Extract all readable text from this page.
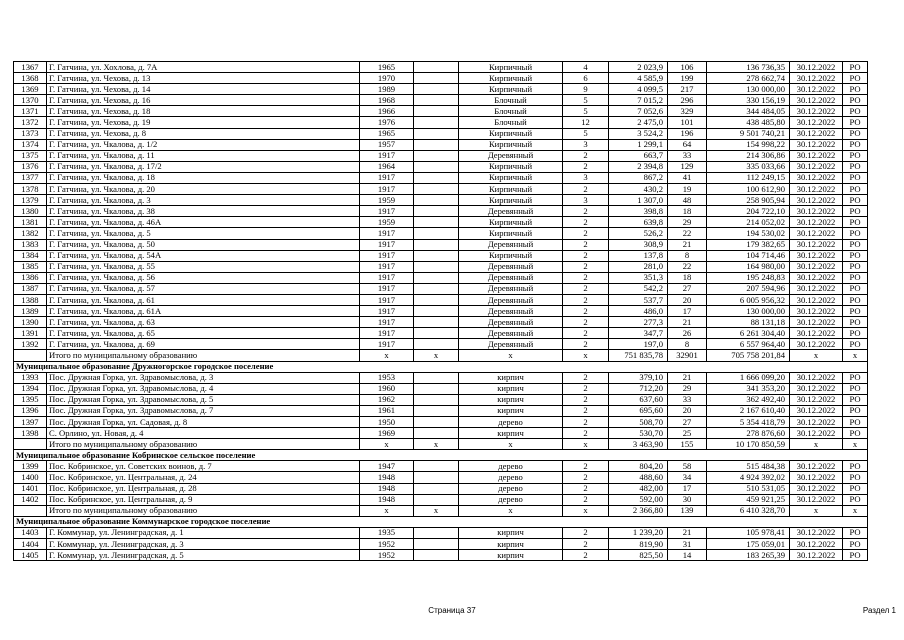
1367	Г. Гатчина, ул. Хохлова, д. 7А	1965		Кирпичный	4	2 023,9	106	136 736,35	30.12.2022	РО
1368	Г. Гатчина, ул. Чехова, д. 13	1970		Кирпичный	6	4 585,9	199	278 662,74	30.12.2022	РО
1369	Г. Гатчина, ул. Чехова, д. 14	1989		Кирпичный	9	4 099,5	217	130 000,00	30.12.2022	РО
1370	Г. Гатчина, ул. Чехова, д. 16	1968		Блочный	5	7 015,2	296	330 156,19	30.12.2022	РО
1371	Г. Гатчина, ул. Чехова, д. 18	1966		Блочный	5	7 052,6	329	344 484,05	30.12.2022	РО
1372	Г. Гатчина, ул. Чехова, д. 19	1976		Блочный	12	2 475,0	101	438 485,80	30.12.2022	РО
1373	Г. Гатчина, ул. Чехова, д. 8	1965		Кирпичный	5	3 524,2	196	9 501 740,21	30.12.2022	РО
1374	Г. Гатчина, ул. Чкалова, д. 1/2	1957		Кирпичный	3	1 299,1	64	154 998,22	30.12.2022	РО
1375	Г. Гатчина, ул. Чкалова, д. 11	1917		Деревянный	2	663,7	33	214 306,86	30.12.2022	РО
1376	Г. Гатчина, ул. Чкалова, д. 17/2	1964		Кирпичный	2	2 394,8	129	335 033,66	30.12.2022	РО
1377	Г. Гатчина, ул. Чкалова, д. 18	1917		Кирпичный	3	867,2	41	112 249,15	30.12.2022	РО
1378	Г. Гатчина, ул. Чкалова, д. 20	1917		Кирпичный	2	430,2	19	100 612,90	30.12.2022	РО
1379	Г. Гатчина, ул. Чкалова, д. 3	1959		Кирпичный	3	1 307,0	48	258 905,94	30.12.2022	РО
1380	Г. Гатчина, ул. Чкалова, д. 38	1917		Деревянный	2	398,8	18	204 722,10	30.12.2022	РО
1381	Г. Гатчина, ул. Чкалова, д. 46А	1959		Кирпичный	2	639,8	29	214 052,02	30.12.2022	РО
1382	Г. Гатчина, ул. Чкалова, д. 5	1917		Кирпичный	2	526,2	22	194 530,02	30.12.2022	РО
1383	Г. Гатчина, ул. Чкалова, д. 50	1917		Деревянный	2	308,9	21	179 382,65	30.12.2022	РО
1384	Г. Гатчина, ул. Чкалова, д. 54А	1917		Кирпичный	2	137,8	8	104 714,46	30.12.2022	РО
1385	Г. Гатчина, ул. Чкалова, д. 55	1917		Деревянный	2	281,0	22	164 980,00	30.12.2022	РО
1386	Г. Гатчина, ул. Чкалова, д. 56	1917		Деревянный	2	351,3	18	195 248,83	30.12.2022	РО
1387	Г. Гатчина, ул. Чкалова, д. 57	1917		Деревянный	2	542,2	27	207 594,96	30.12.2022	РО
1388	Г. Гатчина, ул. Чкалова, д. 61	1917		Деревянный	2	537,7	20	6 005 956,32	30.12.2022	РО
1389	Г. Гатчина, ул. Чкалова, д. 61А	1917		Деревянный	2	486,0	17	130 000,00	30.12.2022	РО
1390	Г. Гатчина, ул. Чкалова, д. 63	1917		Деревянный	2	277,3	21	88 131,18	30.12.2022	РО
1391	Г. Гатчина, ул. Чкалова, д. 65	1917		Деревянный	2	347,7	26	6 261 304,40	30.12.2022	РО
1392	Г. Гатчина, ул. Чкалова, д. 69	1917		Деревянный	2	197,0	8	6 557 964,40	30.12.2022	РО
	Итого по муниципальному образованию	x	x	x	x	751 835,78	32901	705 758 201,84	x	x
Муниципальное образование Дружногорское городское поселение										
1393	Пос. Дружная Горка, ул. Здравомыслова, д. 3	1953		кирпич	2	379,10	21	1 666 099,20	30.12.2022	РО
1394	Пос. Дружная Горка, ул. Здравомыслова, д. 4	1960		кирпич	2	712,20	29	341 353,20	30.12.2022	РО
1395	Пос. Дружная Горка, ул. Здравомыслова, д. 5	1962		кирпич	2	637,60	33	362 492,40	30.12.2022	РО
1396	Пос. Дружная Горка, ул. Здравомыслова, д. 7	1961		кирпич	2	695,60	20	2 167 610,40	30.12.2022	РО
1397	Пос. Дружная Горка, ул. Садовая, д. 8	1950		дерево	2	508,70	27	5 354 418,79	30.12.2022	РО
1398	С. Орлино, ул. Новая, д. 4	1969		кирпич	2	530,70	25	278 876,60	30.12.2022	РО
	Итого по муниципальному образованию	x	x	x	x	3 463,90	155	10 170 850,59	x	x
Муниципальное образование Кобринское сельское поселение										
1399	Пос. Кобринское, ул. Советских воинов, д. 7	1947		дерево	2	804,20	58	515 484,38	30.12.2022	РО
1400	Пос. Кобринское, ул. Центральная, д. 24	1948		дерево	2	488,60	34	4 924 392,02	30.12.2022	РО
1401	Пос. Кобринское, ул. Центральная, д. 28	1948		дерево	2	482,00	17	510 531,05	30.12.2022	РО
1402	Пос. Кобринское, ул. Центральная, д. 9	1948		дерево	2	592,00	30	459 921,25	30.12.2022	РО
	Итого по муниципальному образованию	x	x	x	x	2 366,80	139	6 410 328,70	x	x
Муниципальное образование Коммунарское городское поселение										
1403	Г. Коммунар, ул. Ленинградская, д. 1	1935		кирпич	2	1 239,20	21	105 978,41	30.12.2022	РО
1404	Г. Коммунар, ул. Ленинградская, д. 3	1952		кирпич	2	819,90	31	175 059,01	30.12.2022	РО
1405	Г. Коммунар, ул. Ленинградская, д. 5	1952		кирпич	2	825,50	14	183 265,39	30.12.2022	РО
Страница 37	Раздел 1
